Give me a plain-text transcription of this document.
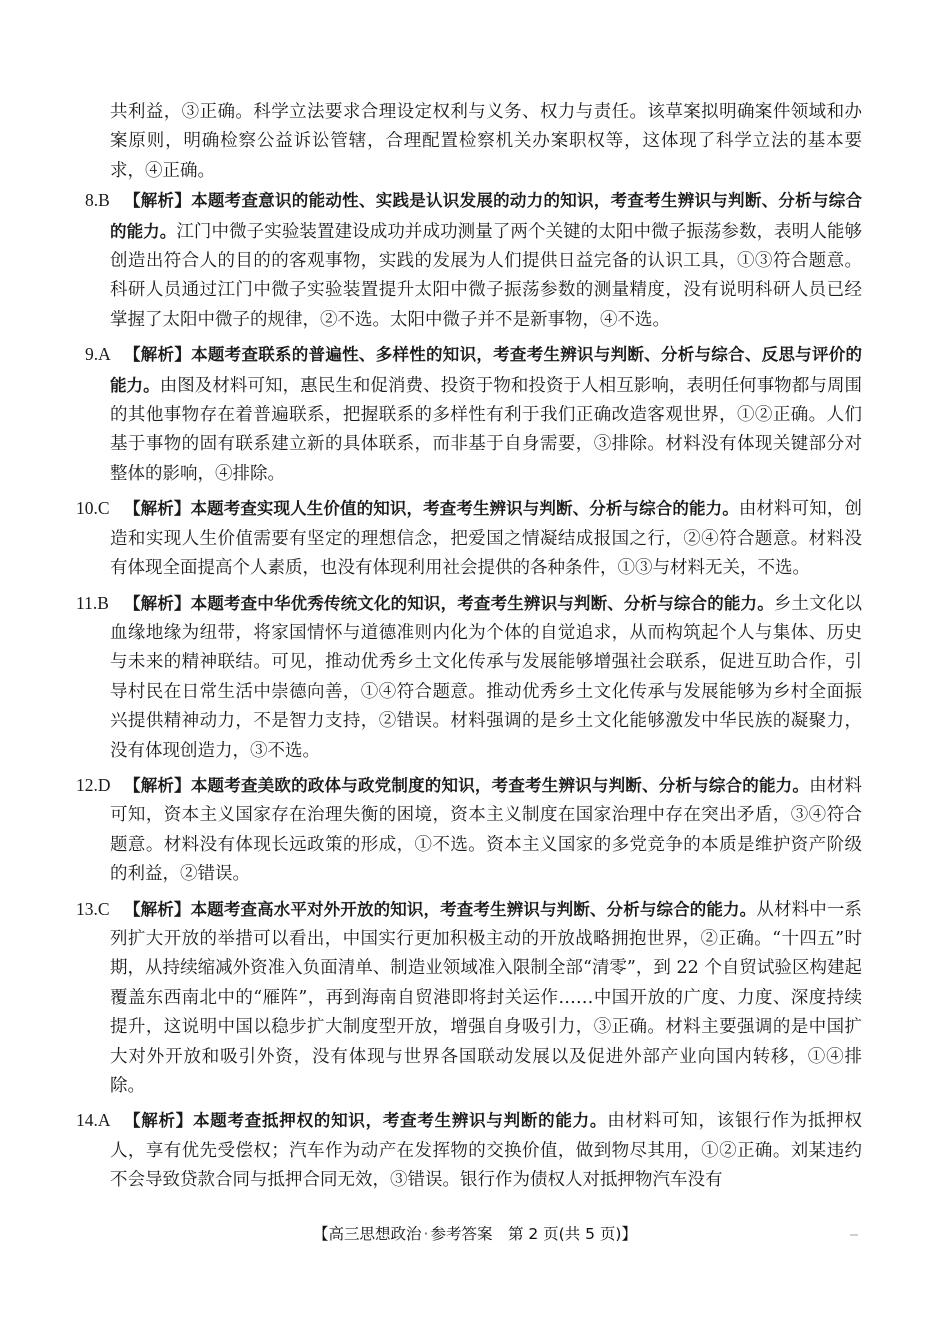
共利益，③正确。科学立法要求合理设定权利与义务、权力与责任。该草案拟明确案件领域和办案原则，明确检察公益诉讼管辖，合理配置检察机关办案职权等，这体现了科学立法的基本要求，④正确。

8.B 【解析】本题考查意识的能动性、实践是认识发展的动力的知识，考查考生辨识与判断、分析与综合的能力。江门中微子实验装置建设成功并成功测量了两个关键的太阳中微子振荡参数，表明人能够创造出符合人的目的的客观事物，实践的发展为人们提供日益完备的认识工具，①③符合题意。科研人员通过江门中微子实验装置提升太阳中微子振荡参数的测量精度，没有说明科研人员已经掌握了太阳中微子的规律，②不选。太阳中微子并不是新事物，④不选。
9.A 【解析】本题考查联系的普遍性、多样性的知识，考查考生辨识与判断、分析与综合、反思与评价的能力。由图及材料可知，惠民生和促消费、投资于物和投资于人相互影响，表明任何事物都与周围的其他事物存在着普遍联系，把握联系的多样性有利于我们正确改造客观世界，①②正确。人们基于事物的固有联系建立新的具体联系，而非基于自身需要，③排除。材料没有体现关键部分对整体的影响，④排除。
10.C 【解析】本题考查实现人生价值的知识，考查考生辨识与判断、分析与综合的能力。由材料可知，创造和实现人生价值需要有坚定的理想信念，把爱国之情凝结成报国之行，②④符合题意。材料没有体现全面提高个人素质，也没有体现利用社会提供的各种条件，①③与材料无关，不选。
11.B 【解析】本题考查中华优秀传统文化的知识，考查考生辨识与判断、分析与综合的能力。乡土文化以血缘地缘为纽带，将家国情怀与道德准则内化为个体的自觉追求，从而构筑起个人与集体、历史与未来的精神联结。可见，推动优秀乡土文化传承与发展能够增强社会联系，促进互助合作，引导村民在日常生活中崇德向善，①④符合题意。推动优秀乡土文化传承与发展能够为乡村全面振兴提供精神动力，不是智力支持，②错误。材料强调的是乡土文化能够激发中华民族的凝聚力，没有体现创造力，③不选。
12.D 【解析】本题考查美欧的政体与政党制度的知识，考查考生辨识与判断、分析与综合的能力。由材料可知，资本主义国家存在治理失衡的困境，资本主义制度在国家治理中存在突出矛盾，③④符合题意。材料没有体现长远政策的形成，①不选。资本主义国家的多党竞争的本质是维护资产阶级的利益，②错误。
13.C 【解析】本题考查高水平对外开放的知识，考查考生辨识与判断、分析与综合的能力。从材料中一系列扩大开放的举措可以看出，中国实行更加积极主动的开放战略拥抱世界，②正确。“十四五”时期，从持续缩减外资准入负面清单、制造业领域准入限制全部“清零”，到 22 个自贸试验区构建起覆盖东西南北中的“雁阵”，再到海南自贸港即将封关运作……中国开放的广度、力度、深度持续提升，这说明中国以稳步扩大制度型开放，增强自身吸引力，③正确。材料主要强调的是中国扩大对外开放和吸引外资，没有体现与世界各国联动发展以及促进外部产业向国内转移，①④排除。
14.A 【解析】本题考查抵押权的知识，考查考生辨识与判断的能力。由材料可知，该银行作为抵押权人，享有优先受偿权；汽车作为动产在发挥物的交换价值，做到物尽其用，①②正确。刘某违约不会导致贷款合同与抵押合同无效，③错误。银行作为债权人对抵押物汽车没有
【高三思想政治 · 参考答案　第 2 页(共 5 页)】
